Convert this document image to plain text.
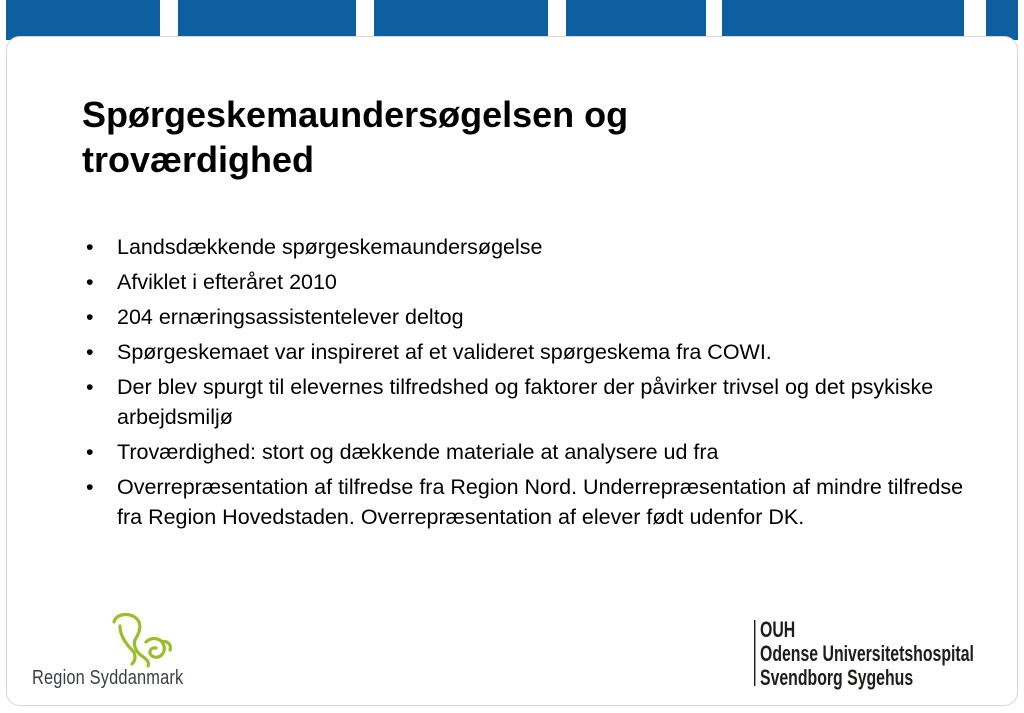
Spørgeskemaundersøgelsen og
troværdighed
• Landsdækkende spørgeskemaundersøgelse
• Afviklet i efteråret 2010
• 204 ernæringsassistentelever deltog
• Spørgeskemaet var inspireret af et valideret spørgeskema fra COWI.
• Der blev spurgt til elevernes tilfredshed og faktorer der påvirker trivsel og det psykiske arbejdsmiljø
• Troværdighed: stort og dækkende materiale at analysere ud fra
• Overrepræsentation af tilfredse fra Region Nord. Underrepræsentation af mindre tilfredse fra Region Hovedstaden. Overrepræsentation af elever født udenfor DK.
Region Syddanmark
OUH
Odense Universitetshospital
Svendborg Sygehus
